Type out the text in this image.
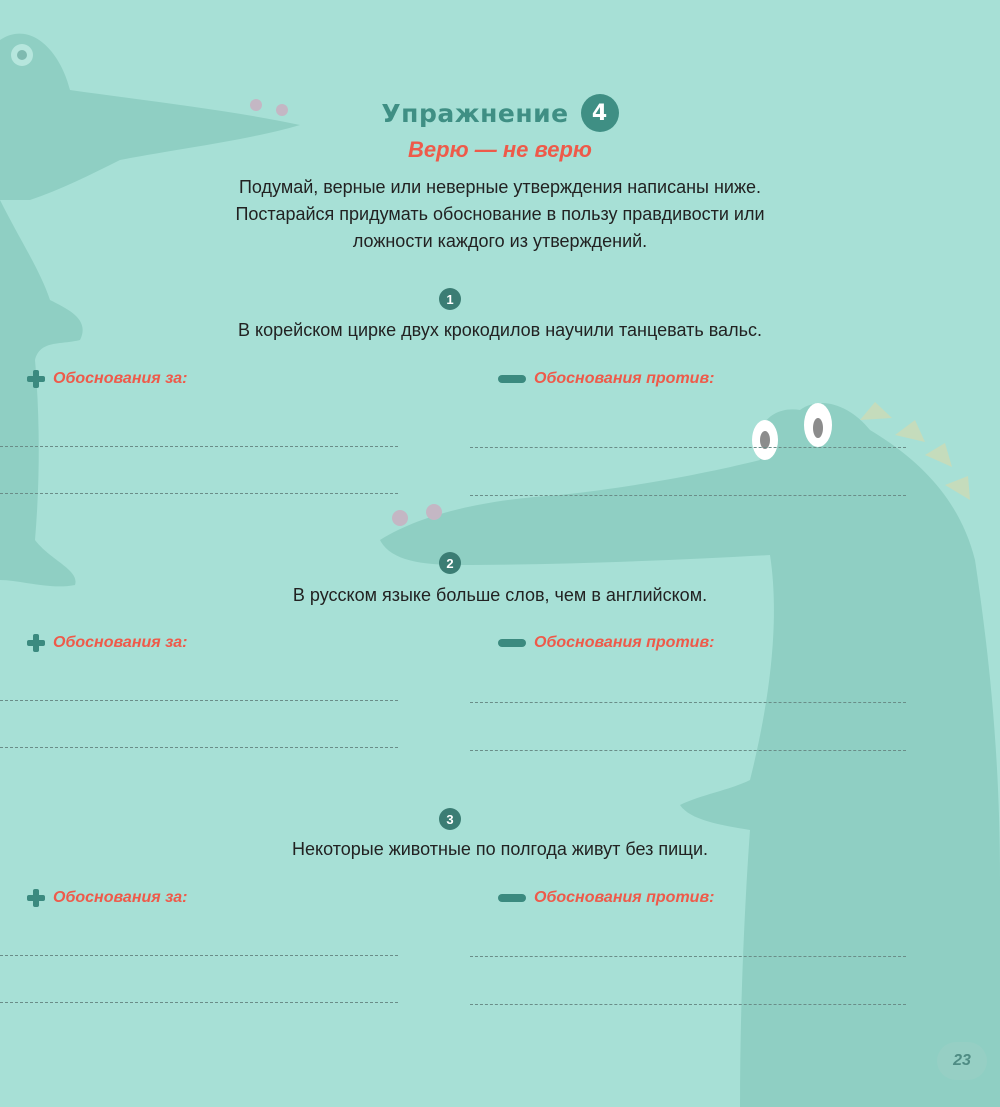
Упражнение	4
Верю — не верю
Подумай, верные или неверные утверждения написаны ниже.
Постарайся придумать обоснование в пользу правдивости или
ложности каждого из утверждений.
1
В корейском цирке двух крокодилов научили танцевать вальс.
Обоснования за:	Обоснования против:
2
В русском языке больше слов, чем в английском.
Обоснования за:	Обоснования против:
3
Некоторые животные по полгода живут без пищи.
Обоснования за:	Обоснования против:
23
